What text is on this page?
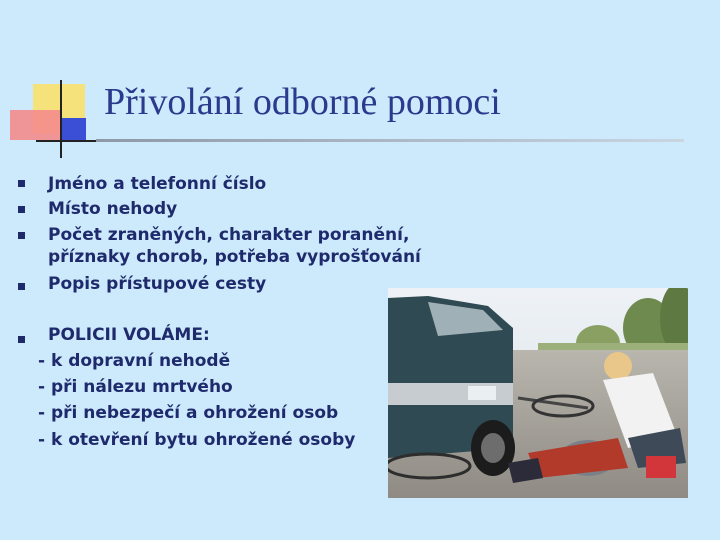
Přivolání odborné pomoci
Jméno a telefonní číslo
Místo nehody
Počet zraněných, charakter poranění,
příznaky chorob, potřeba vyprošťování
Popis přístupové cesty
POLICII VOLÁME:
- k dopravní nehodě
- při nálezu mrtvého
- při nebezpečí a ohrožení osob
- k otevření bytu ohrožené osoby
